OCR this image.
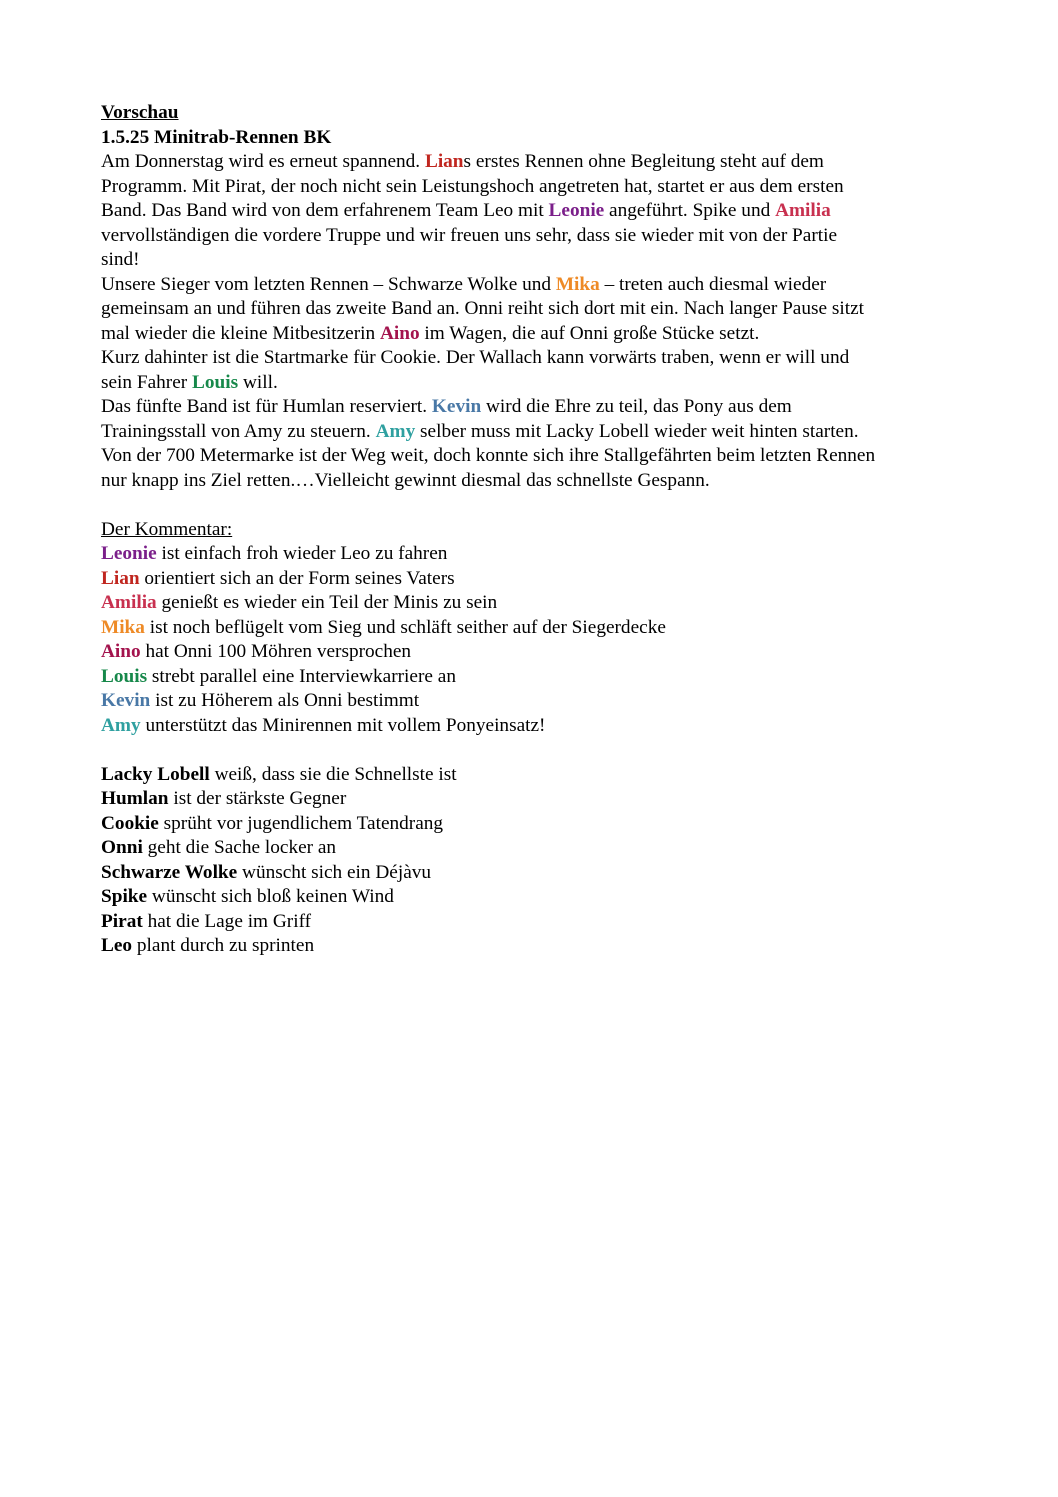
Vorschau
1.5.25 Minitrab-Rennen BK
Am Donnerstag wird es erneut spannend. Lians erstes Rennen ohne Begleitung steht auf dem
Programm. Mit Pirat, der noch nicht sein Leistungshoch angetreten hat, startet er aus dem ersten
Band. Das Band wird von dem erfahrenem Team Leo mit Leonie angeführt. Spike und Amilia
vervollständigen die vordere Truppe und wir freuen uns sehr, dass sie wieder mit von der Partie
sind!
Unsere Sieger vom letzten Rennen – Schwarze Wolke und Mika – treten auch diesmal wieder
gemeinsam an und führen das zweite Band an. Onni reiht sich dort mit ein. Nach langer Pause sitzt
mal wieder die kleine Mitbesitzerin Aino im Wagen, die auf Onni große Stücke setzt.
Kurz dahinter ist die Startmarke für Cookie. Der Wallach kann vorwärts traben, wenn er will und
sein Fahrer Louis will.
Das fünfte Band ist für Humlan reserviert. Kevin wird die Ehre zu teil, das Pony aus dem
Trainingsstall von Amy zu steuern. Amy selber muss mit Lacky Lobell wieder weit hinten starten.
Von der 700 Metermarke ist der Weg weit, doch konnte sich ihre Stallgefährten beim letzten Rennen
nur knapp ins Ziel retten.…Vielleicht gewinnt diesmal das schnellste Gespann.
Der Kommentar:
Leonie ist einfach froh wieder Leo zu fahren
Lian orientiert sich an der Form seines Vaters
Amilia genießt es wieder ein Teil der Minis zu sein
Mika ist noch beflügelt vom Sieg und schläft seither auf der Siegerdecke
Aino hat Onni 100 Möhren versprochen
Louis strebt parallel eine Interviewkarriere an
Kevin ist zu Höherem als Onni bestimmt
Amy unterstützt das Minirennen mit vollem Ponyeinsatz!
Lacky Lobell weiß, dass sie die Schnellste ist
Humlan ist der stärkste Gegner
Cookie sprüht vor jugendlichem Tatendrang
Onni geht die Sache locker an
Schwarze Wolke wünscht sich ein Déjàvu
Spike wünscht sich bloß keinen Wind
Pirat hat die Lage im Griff
Leo plant durch zu sprinten
